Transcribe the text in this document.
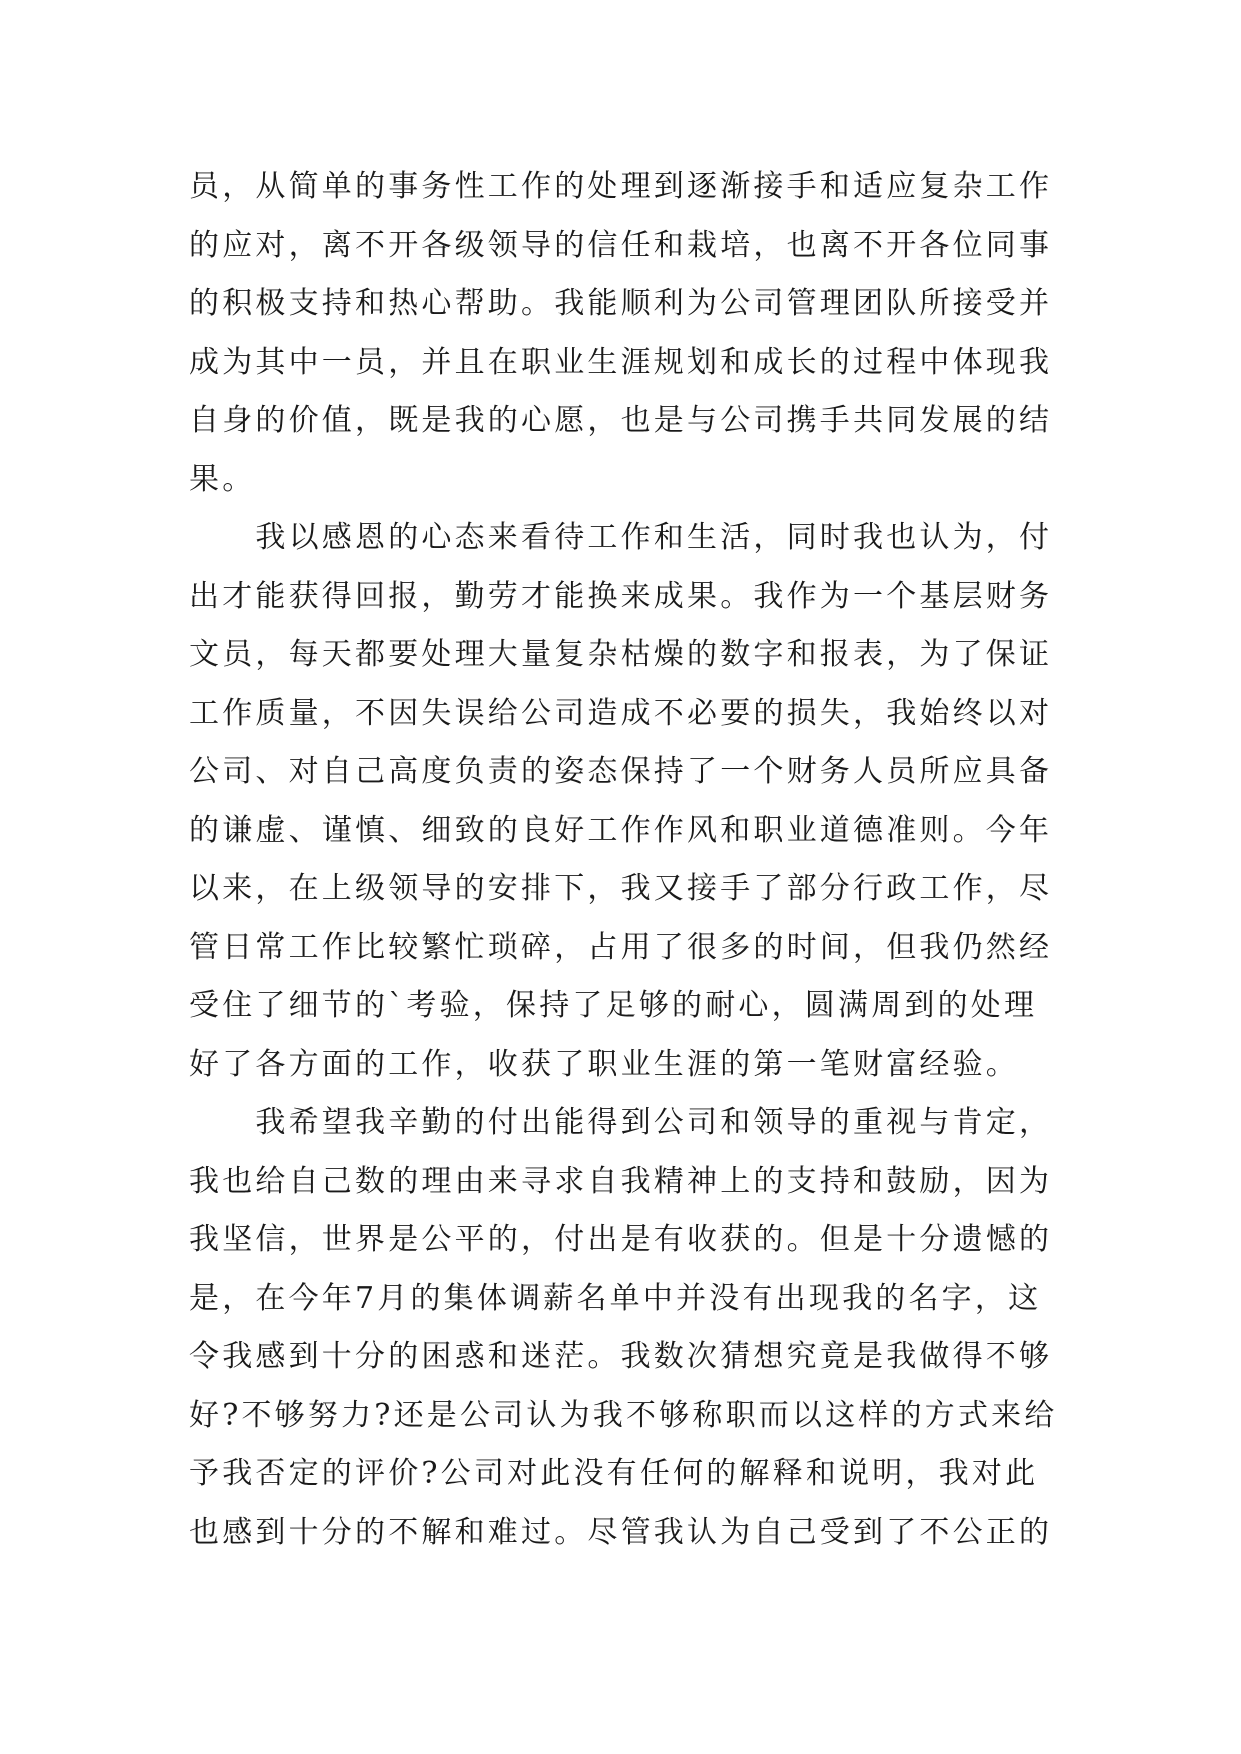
员，从简单的事务性工作的处理到逐渐接手和适应复杂工作
的应对，离不开各级领导的信任和栽培，也离不开各位同事
的积极支持和热心帮助。我能顺利为公司管理团队所接受并
成为其中一员，并且在职业生涯规划和成长的过程中体现我
自身的价值，既是我的心愿，也是与公司携手共同发展的结
果。
　　我以感恩的心态来看待工作和生活，同时我也认为，付
出才能获得回报，勤劳才能换来成果。我作为一个基层财务
文员，每天都要处理大量复杂枯燥的数字和报表，为了保证
工作质量，不因失误给公司造成不必要的损失，我始终以对
公司、对自己高度负责的姿态保持了一个财务人员所应具备
的谦虚、谨慎、细致的良好工作作风和职业道德准则。今年
以来，在上级领导的安排下，我又接手了部分行政工作，尽
管日常工作比较繁忙琐碎，占用了很多的时间，但我仍然经
受住了细节的`考验，保持了足够的耐心，圆满周到的处理
好了各方面的工作，收获了职业生涯的第一笔财富经验。
　　我希望我辛勤的付出能得到公司和领导的重视与肯定，
我也给自己数的理由来寻求自我精神上的支持和鼓励，因为
我坚信，世界是公平的，付出是有收获的。但是十分遗憾的
是，在今年7月的集体调薪名单中并没有出现我的名字，这
令我感到十分的困惑和迷茫。我数次猜想究竟是我做得不够
好?不够努力?还是公司认为我不够称职而以这样的方式来给
予我否定的评价?公司对此没有任何的解释和说明，我对此
也感到十分的不解和难过。尽管我认为自己受到了不公正的
